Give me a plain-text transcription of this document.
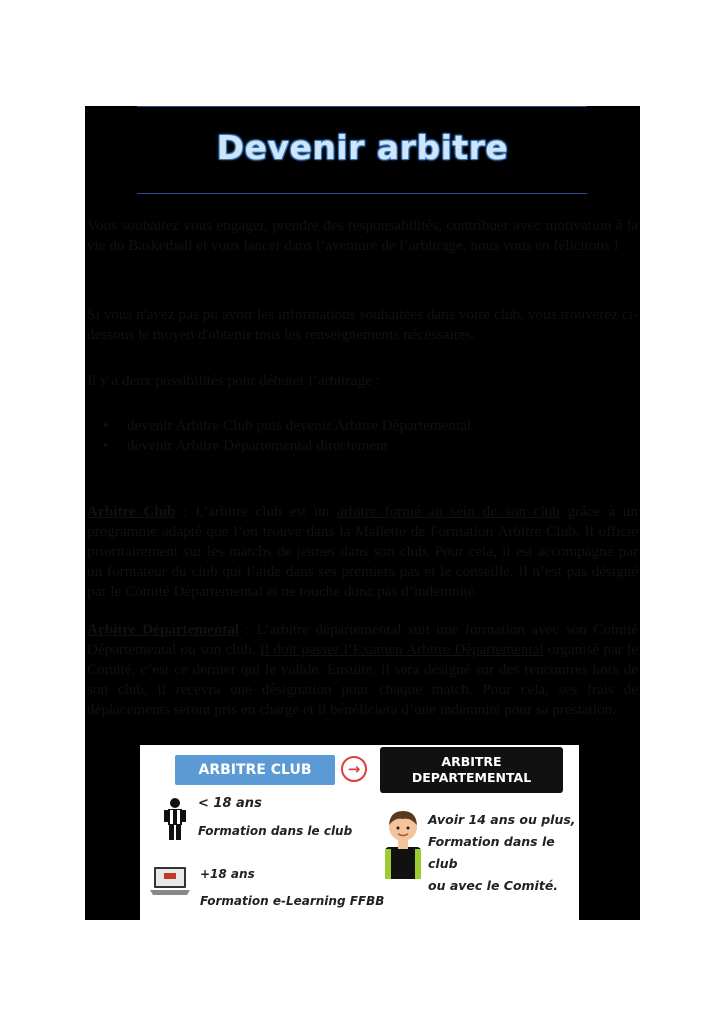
Devenir arbitre
Vous souhaitez vous engager, prendre des responsabilités, contribuer avec motivation à la vie du Basketball et vous lancer dans l’aventure de l’arbitrage, nous vous en félicitons !
Si vous n'avez pas pu avoir les informations souhaitées dans votre club, vous trouverez ci-dessous le moyen d'obtenir tous les renseignements nécessaires.
Il y a deux possibilités pour débuter l’arbitrage :
• devenir Arbitre Club puis devenir Arbitre Départemental
• devenir Arbitre Départemental directement
Arbitre Club : L’arbitre club est un arbitre formé au sein de son club grâce à un programme adapté que l’on trouve dans la Mallette de Formation Arbitre Club. Il officie prioritairement sur les matchs de jeunes dans son club. Pour cela, il est accompagné par un formateur du club qui l’aide dans ses premiers pas et le conseille. Il n’est pas désigné par le Comité Départemental et ne touche donc pas d’indemnité.
Arbitre Départemental : L’arbitre départemental suit une formation avec son Comité Départemental ou son club. Il doit passer l’Examen Arbitre Départemental organisé par le Comité, c’est ce dernier qui le valide. Ensuite, il sera désigné sur des rencontres hors de son club, il recevra une désignation pour chaque match. Pour cela, ses frais de déplacements seront pris en charge et il bénéficiera d’une indemnité pour sa prestation.
ARBITRE CLUB	→	ARBITRE
DEPARTEMENTAL
< 18 ans
Formation dans le club
+18 ans
Formation e-Learning FFBB
Avoir 14 ans ou plus,
Formation dans le club
ou avec le Comité.
